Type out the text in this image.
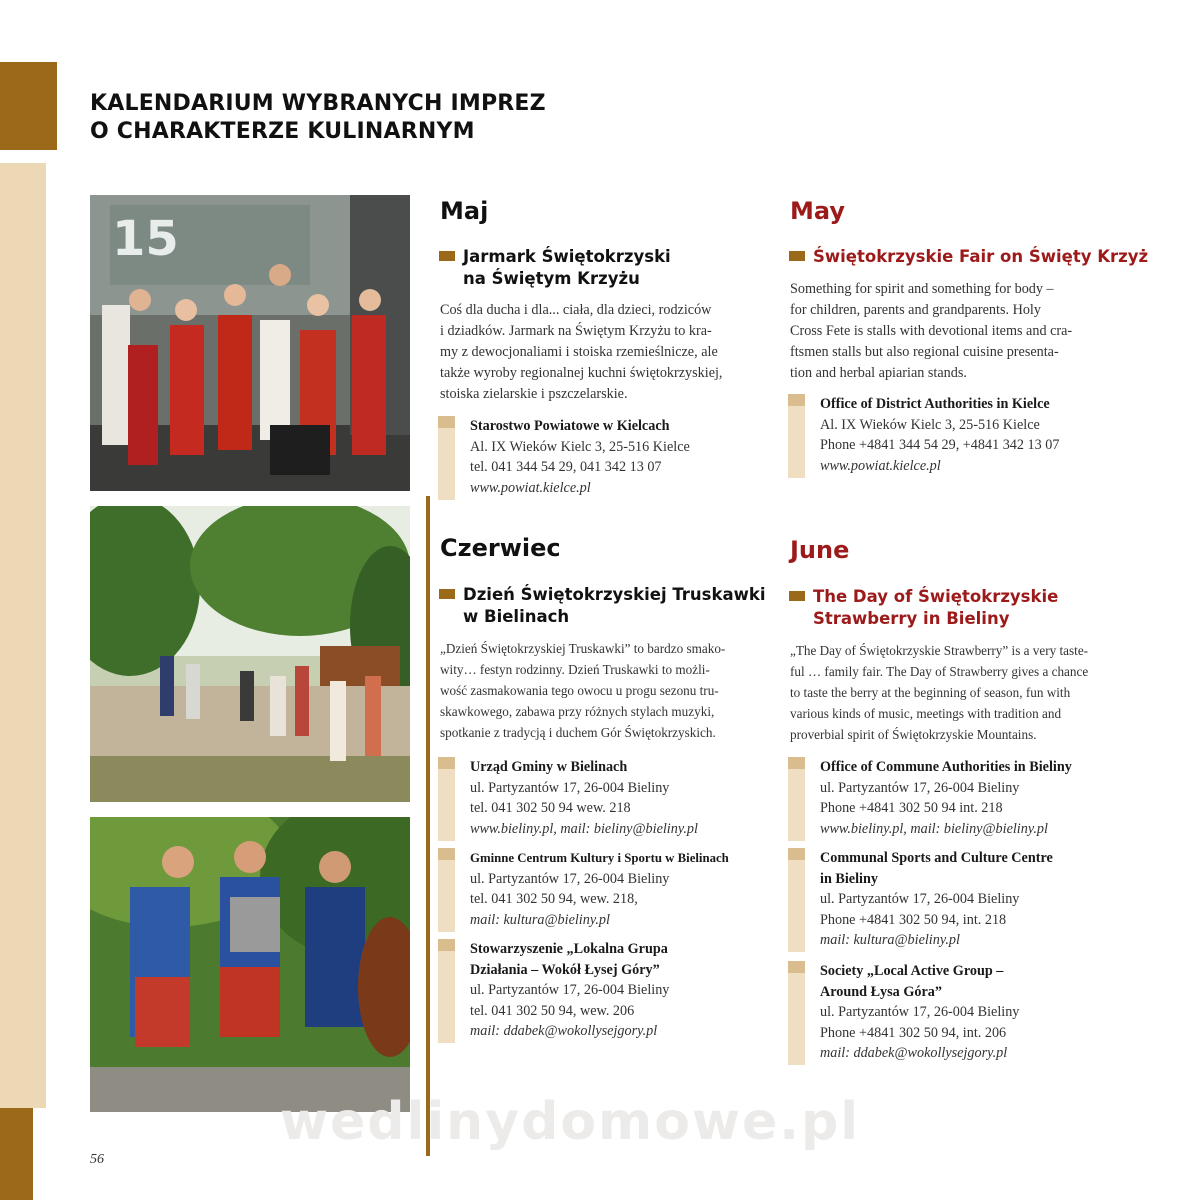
KALENDARIUM WYBRANYCH IMPREZ
O CHARAKTERZE KULINARNYM
15	Maj	May
Jarmark Świętokrzyski
na Świętym Krzyżu
Świętokrzyskie Fair on Święty Krzyż
Coś dla ducha i dla... ciała, dla dzieci, rodziców
i dziadków. Jarmark na Świętym Krzyżu to kra-
my z dewocjonaliami i stoiska rzemieślnicze, ale
także wyroby regionalnej kuchni świętokrzyskiej,
stoiska zielarskie i pszczelarskie.
Something for spirit and something for body –
for children, parents and grandparents. Holy
Cross Fete is stalls with devotional items and cra-
ftsmen stalls but also regional cuisine presenta-
tion and herbal apiarian stands.
Starostwo Powiatowe w Kielcach
Al. IX Wieków Kielc 3, 25-516 Kielce
tel. 041 344 54 29, 041 342 13 07
www.powiat.kielce.pl
Office of District Authorities in Kielce
Al. IX Wieków Kielc 3, 25-516 Kielce
Phone +4841 344 54 29, +4841 342 13 07
www.powiat.kielce.pl
Czerwiec	June
Dzień Świętokrzyskiej Truskawki
w Bielinach
The Day of Świętokrzyskie
Strawberry in Bieliny
„Dzień Świętokrzyskiej Truskawki” to bardzo smako-
wity… festyn rodzinny. Dzień Truskawki to możli-
wość zasmakowania tego owocu u progu sezonu tru-
skawkowego, zabawa przy różnych stylach muzyki,
spotkanie z tradycją i duchem Gór Świętokrzyskich.
„The Day of Świętokrzyskie Strawberry” is a very taste-
ful … family fair. The Day of Strawberry gives a chance
to taste the berry at the beginning of season, fun with
various kinds of music, meetings with tradition and
proverbial spirit of Świętokrzyskie Mountains.
Urząd Gminy w Bielinach
ul. Partyzantów 17, 26-004 Bieliny
tel. 041 302 50 94 wew. 218
www.bieliny.pl, mail: bieliny@bieliny.pl
Gminne Centrum Kultury i Sportu w Bielinach
ul. Partyzantów 17, 26-004 Bieliny
tel. 041 302 50 94, wew. 218,
mail: kultura@bieliny.pl
Stowarzyszenie „Lokalna Grupa
Działania – Wokół Łysej Góry”
ul. Partyzantów 17, 26-004 Bieliny
tel. 041 302 50 94, wew. 206
mail: ddabek@wokollysejgory.pl
Office of Commune Authorities in Bieliny
ul. Partyzantów 17, 26-004 Bieliny
Phone +4841 302 50 94 int. 218
www.bieliny.pl, mail: bieliny@bieliny.pl
Communal Sports and Culture Centre
in Bieliny
ul. Partyzantów 17, 26-004 Bieliny
Phone +4841 302 50 94, int. 218
mail: kultura@bieliny.pl
Society „Local Active Group –
Around Łysa Góra”
ul. Partyzantów 17, 26-004 Bieliny
Phone +4841 302 50 94, int. 206
mail: ddabek@wokollysejgory.pl
wedlinydomowe.pl
56
